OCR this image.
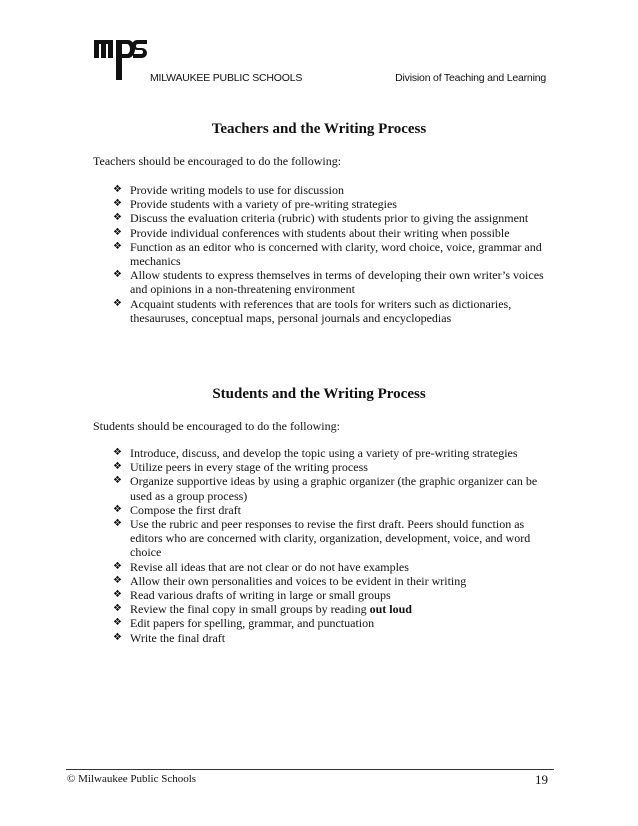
MILWAUKEE PUBLIC SCHOOLS	Division of Teaching and Learning
Teachers and the Writing Process
Teachers should be encouraged to do the following:
❖ Provide writing models to use for discussion
❖ Provide students with a variety of pre-writing strategies
❖ Discuss the evaluation criteria (rubric) with students prior to giving the assignment
❖ Provide individual conferences with students about their writing when possible
❖ Function as an editor who is concerned with clarity, word choice, voice, grammar and mechanics
❖ Allow students to express themselves in terms of developing their own writer’s voices and opinions in a non-threatening environment
❖ Acquaint students with references that are tools for writers such as dictionaries, thesauruses, conceptual maps, personal journals and encyclopedias
Students and the Writing Process
Students should be encouraged to do the following:
❖ Introduce, discuss, and develop the topic using a variety of pre-writing strategies
❖ Utilize peers in every stage of the writing process
❖ Organize supportive ideas by using a graphic organizer (the graphic organizer can be used as a group process)
❖ Compose the first draft
❖ Use the rubric and peer responses to revise the first draft. Peers should function as editors who are concerned with clarity, organization, development, voice, and word choice
❖ Revise all ideas that are not clear or do not have examples
❖ Allow their own personalities and voices to be evident in their writing
❖ Read various drafts of writing in large or small groups
❖ Review the final copy in small groups by reading out loud
❖ Edit papers for spelling, grammar, and punctuation
❖ Write the final draft
© Milwaukee Public Schools	19
